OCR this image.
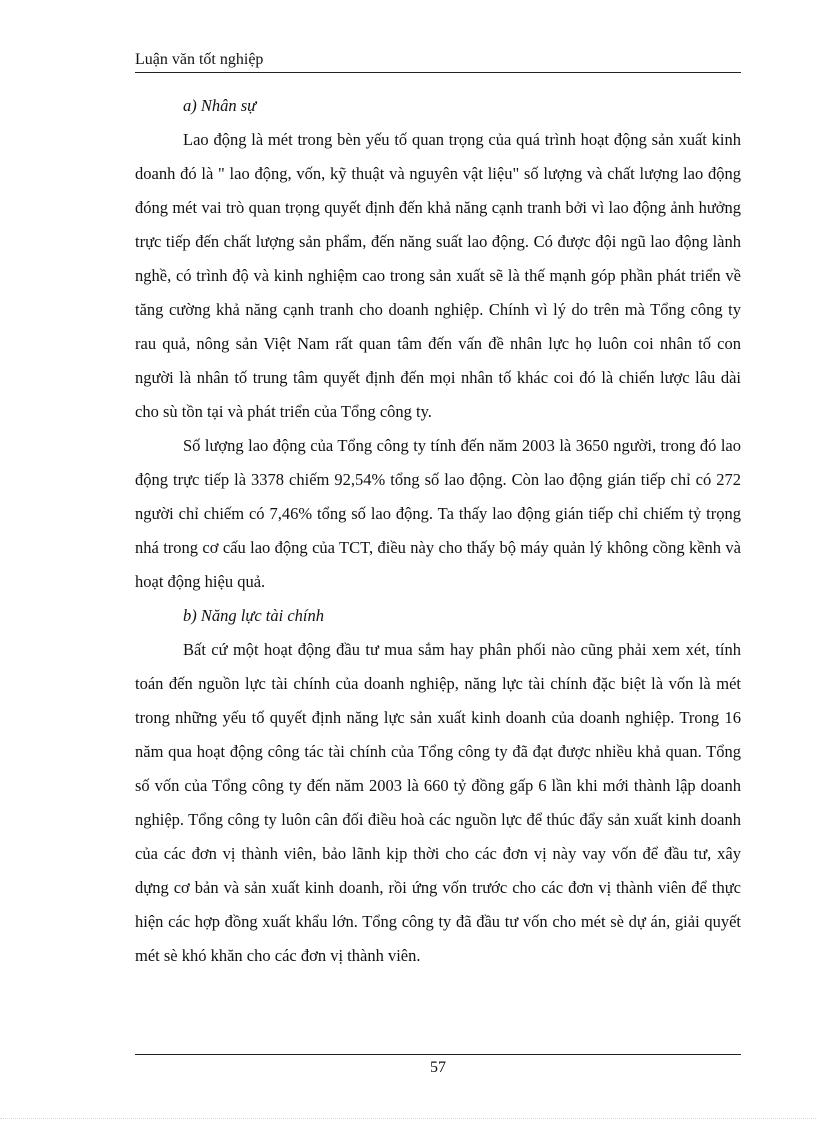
Luận văn tốt nghiệp

a) Nhân sự

Lao động là mét trong bèn yếu tố quan trọng của quá trình hoạt động sản xuất kinh doanh đó là " lao động, vốn, kỹ thuật và nguyên vật liệu" số lượng và chất lượng lao động đóng mét vai trò quan trọng quyết định đến khả năng cạnh tranh bởi vì lao động ảnh hưởng trực tiếp đến chất lượng sản phẩm, đến năng suất lao động. Có được đội ngũ lao động lành nghề, có trình độ và kinh nghiệm cao trong sản xuất sẽ là thế mạnh góp phần phát triển về tăng cường khả năng cạnh tranh cho doanh nghiệp. Chính vì lý do trên mà Tổng công ty rau quả, nông sản Việt Nam rất quan tâm đến vấn đề nhân lực họ luôn coi nhân tố con người là nhân tố trung tâm quyết định đến mọi nhân tố khác coi đó là chiến lược lâu dài cho sù tồn tại và phát triển của Tổng công ty.

Số lượng lao động của Tổng công ty tính đến năm 2003 là 3650 người, trong đó lao động trực tiếp là 3378 chiếm 92,54% tổng số lao động. Còn lao động gián tiếp chỉ có 272 người chỉ chiếm có 7,46% tổng số lao động. Ta thấy lao động gián tiếp chỉ chiếm tỷ trọng nhá trong cơ cấu lao động của TCT, điều này cho thấy bộ máy quản lý không cồng kềnh và hoạt động hiệu quả.

b) Năng lực tài chính

Bất cứ một hoạt động đầu tư mua sắm hay phân phối nào cũng phải xem xét, tính toán đến nguồn lực tài chính của doanh nghiệp, năng lực tài chính đặc biệt là vốn là mét trong những yếu tố quyết định năng lực sản xuất kinh doanh của doanh nghiệp. Trong 16 năm qua hoạt động công tác tài chính của Tổng công ty đã đạt được nhiều khả quan. Tổng số vốn của Tổng công ty đến năm 2003 là 660 tỷ đồng gấp 6 lần khi mới thành lập doanh nghiệp. Tổng công ty luôn cân đối điều hoà các nguồn lực để thúc đẩy sản xuất kinh doanh của các đơn vị thành viên, bảo lãnh kịp thời cho các đơn vị này vay vốn để đầu tư, xây dựng cơ bản và sản xuất kinh doanh, rồi ứng vốn trước cho các đơn vị thành viên để thực hiện các hợp đồng xuất khẩu lớn. Tổng công ty đã đầu tư vốn cho mét sè dự án, giải quyết mét sè khó khăn cho các đơn vị thành viên.

57
